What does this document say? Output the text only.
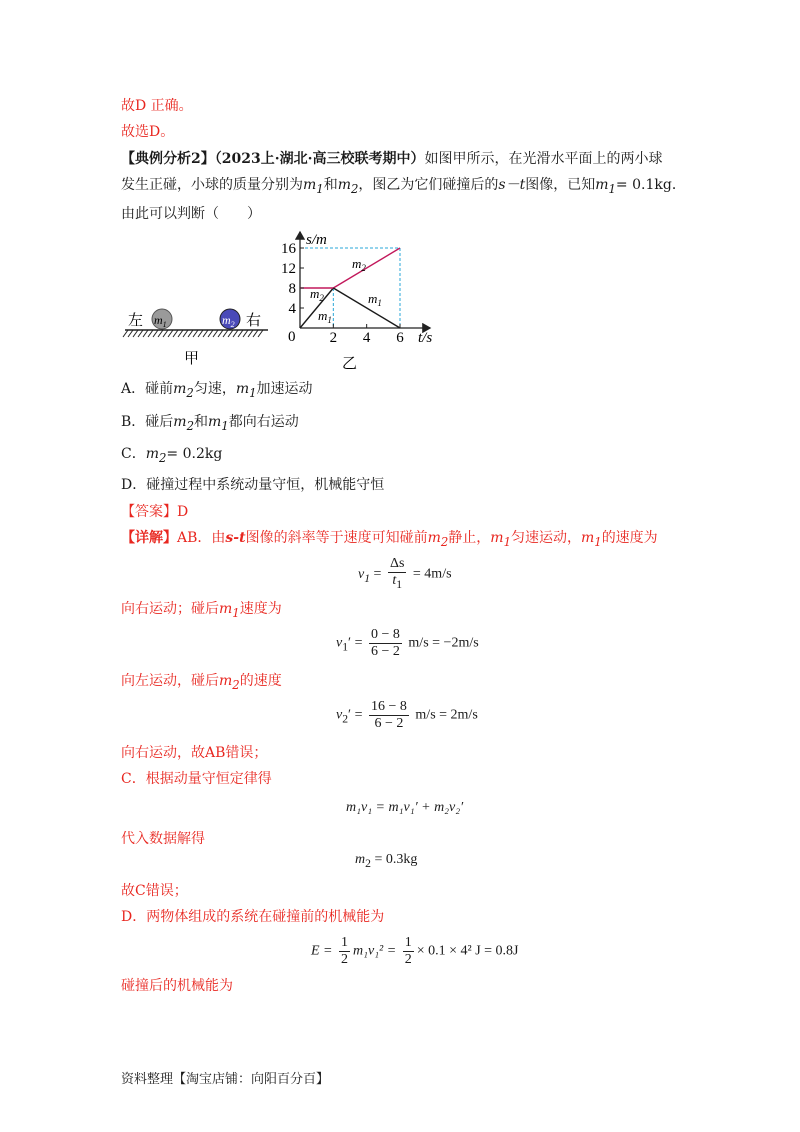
故D 正确。
故选D。
【典例分析2】（2023上·湖北·高三校联考期中）如图甲所示，在光滑水平面上的两小球
发生正碰，小球的质量分别为$m_1$和$m_2$，图乙为它们碰撞后的s－t图像，已知$m_1= 0.1kg$．
由此可以判断（　　）
左 $m_1$	$m_2$ 右
甲
16
12
8
4
2 4 6
s/m
t/s
0
$m_2$
$m_2$
$m_1$
$m_1$
乙
A．碰前$m_2$匀速，$m_1$加速运动
B．碰后$m_2$和$m_1$都向右运动
C．$m_2= 0.2kg$
D．碰撞过程中系统动量守恒，机械能守恒
【答案】D
【详解】AB．由s-t图像的斜率等于速度可知碰前$m_2$静止，$m_1$匀速运动，$m_1$的速度为
$v_1 = \frac{\Delta s}{t_1} = 4m/s$
向右运动；碰后$m_1$速度为
$v_1' = \frac{0 - 8}{6 - 2} m/s = -2m/s$
向左运动，碰后$m_2$的速度
$v_2' = \frac{16 - 8}{6 - 2} m/s = 2m/s$
向右运动，故AB错误；
C．根据动量守恒定律得
m₁v₁ = m₁v₁′ + m₂v₂′
代入数据解得
$m_2 = 0.3kg$
故C错误；
D．两物体组成的系统在碰撞前的机械能为
$E = \frac{1}{2} m_1v_1^2 = \frac{1}{2} \times 0.1 \times 4^2$ J = 0.8J
碰撞后的机械能为
资料整理【淘宝店铺：向阳百分百】
